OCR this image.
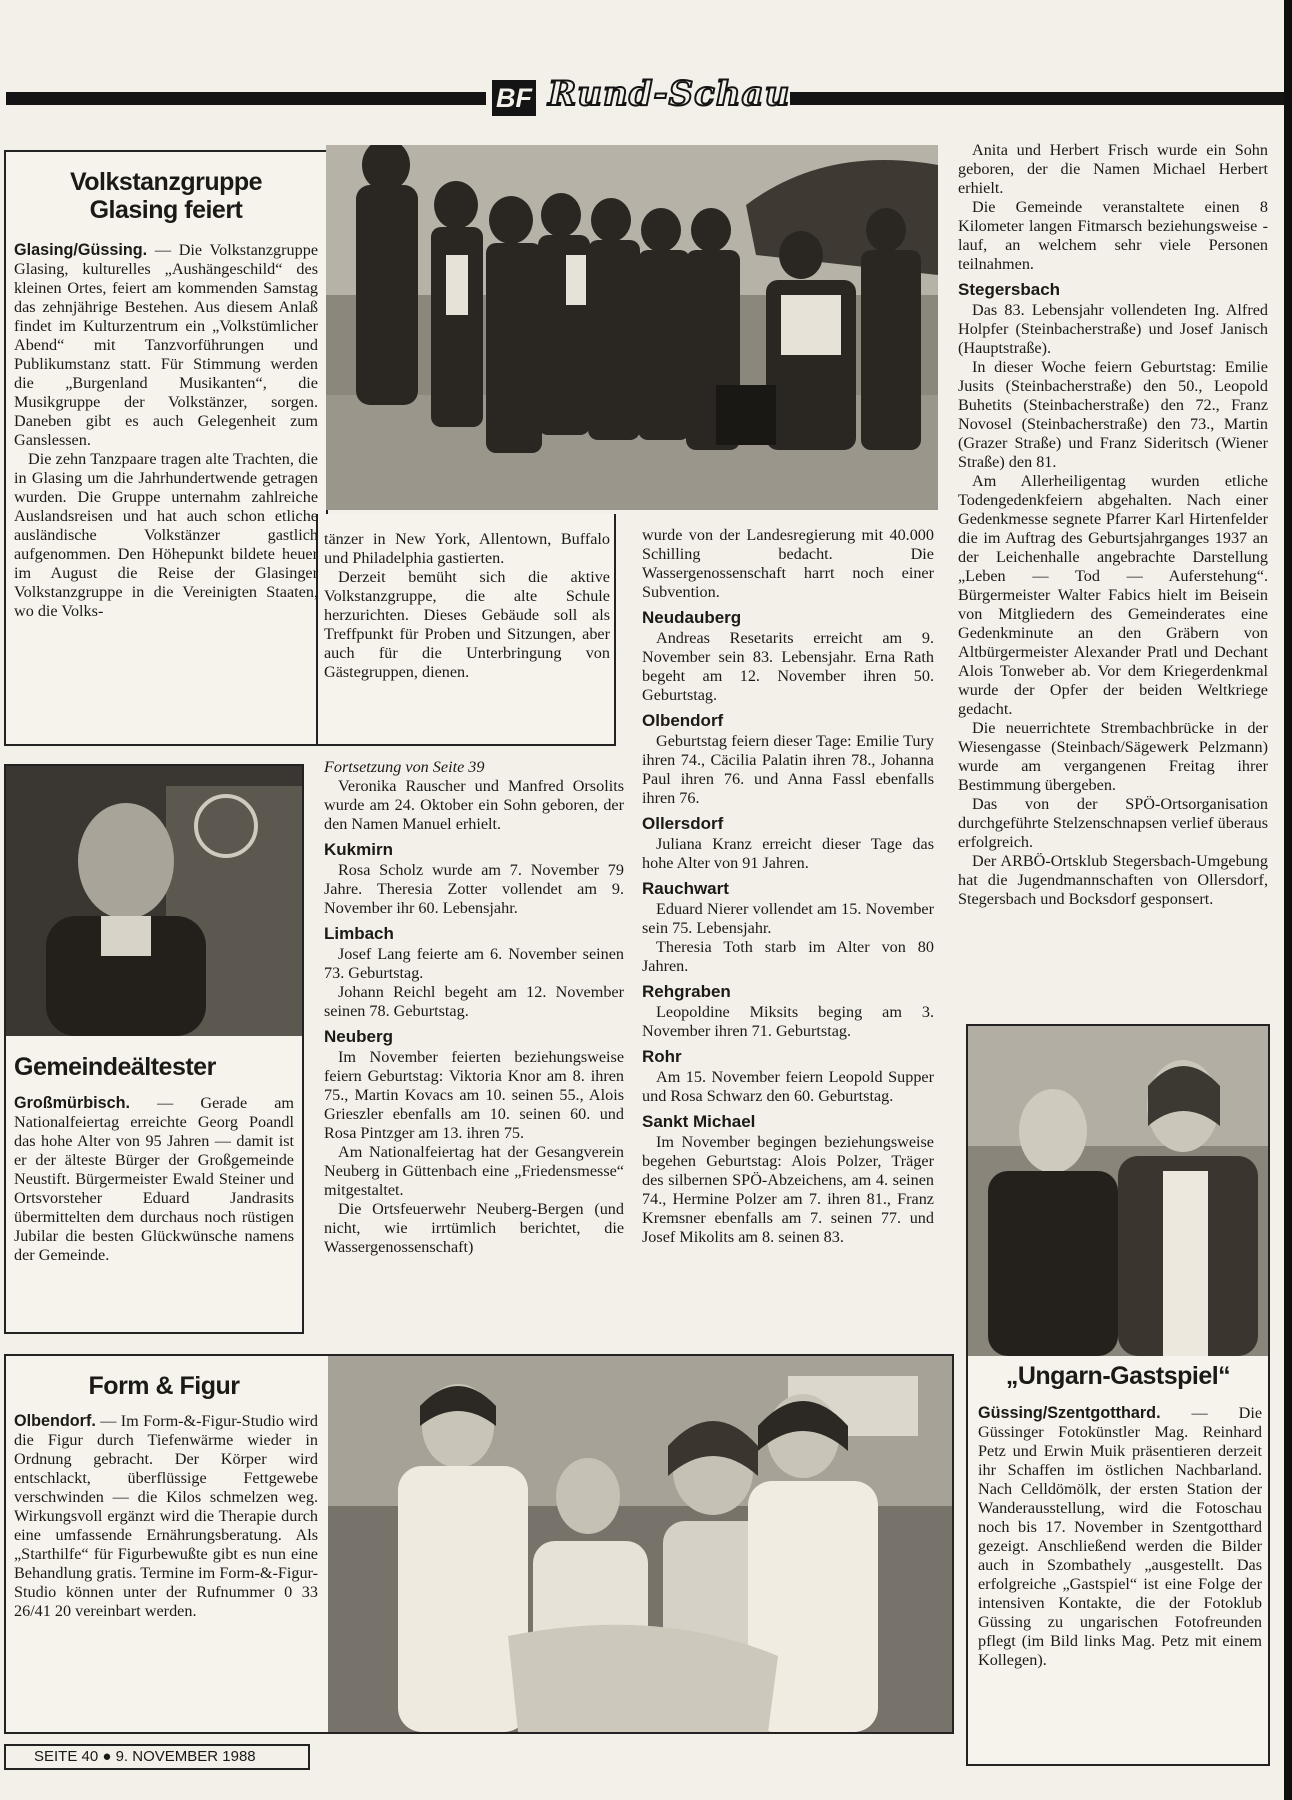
BF Rund-Schau
Volkstanzgruppe
Glasing feiert

Glasing/Güssing. — Die Volkstanzgruppe Glasing, kulturelles „Aushängeschild“ des kleinen Ortes, feiert am kommenden Samstag das zehnjährige Bestehen. Aus diesem Anlaß findet im Kulturzentrum ein „Volkstümlicher Abend“ mit Tanzvorführungen und Publikumstanz statt. Für Stimmung werden die „Burgenland Musikanten“, die Musikgruppe der Volkstänzer, sorgen. Daneben gibt es auch Gelegenheit zum Ganslessen.

Die zehn Tanzpaare tragen alte Trachten, die in Glasing um die Jahrhundertwende getragen wurden. Die Gruppe unternahm zahlreiche Auslandsreisen und hat auch schon etliche ausländische Volkstänzer gastlich aufgenommen. Den Höhepunkt bildete heuer im August die Reise der Glasinger Volkstanzgruppe in die Vereinigten Staaten, wo die Volks-

tänzer in New York, Allentown, Buffalo und Philadelphia gastierten.

Derzeit bemüht sich die aktive Volkstanzgruppe, die alte Schule herzurichten. Dieses Gebäude soll als Treffpunkt für Proben und Sitzungen, aber auch für die Unterbringung von Gästegruppen, dienen.

wurde von der Landesregierung mit 40.000 Schilling bedacht. Die Wassergenossenschaft harrt noch einer Subvention.

Neudauberg

Andreas Resetarits erreicht am 9. November sein 83. Lebensjahr. Erna Rath begeht am 12. November ihren 50. Geburtstag.

Olbendorf

Geburtstag feiern dieser Tage: Emilie Tury ihren 74., Cäcilia Palatin ihren 78., Johanna Paul ihren 76. und Anna Fassl ebenfalls ihren 76.

Ollersdorf

Juliana Kranz erreicht dieser Tage das hohe Alter von 91 Jahren.

Rauchwart

Eduard Nierer vollendet am 15. November sein 75. Lebensjahr.

Theresia Toth starb im Alter von 80 Jahren.

Rehgraben

Leopoldine Miksits beging am 3. November ihren 71. Geburtstag.

Rohr

Am 15. November feiern Leopold Supper und Rosa Schwarz den 60. Geburtstag.

Sankt Michael

Im November begingen beziehungsweise begehen Geburtstag: Alois Polzer, Träger des silbernen SPÖ-Abzeichens, am 4. seinen 74., Hermine Polzer am 7. ihren 81., Franz Kremsner ebenfalls am 7. seinen 77. und Josef Mikolits am 8. seinen 83.

Gemeindeältester

Großmürbisch. — Gerade am Nationalfeiertag erreichte Georg Poandl das hohe Alter von 95 Jahren — damit ist er der älteste Bürger der Großgemeinde Neustift. Bürgermeister Ewald Steiner und Ortsvorsteher Eduard Jandrasits übermittelten dem durchaus noch rüstigen Jubilar die besten Glückwünsche namens der Gemeinde.

Fortsetzung von Seite 39

Veronika Rauscher und Manfred Orsolits wurde am 24. Oktober ein Sohn geboren, der den Namen Manuel erhielt.

Kukmirn

Rosa Scholz wurde am 7. November 79 Jahre. Theresia Zotter vollendet am 9. November ihr 60. Lebensjahr.

Limbach

Josef Lang feierte am 6. November seinen 73. Geburtstag.

Johann Reichl begeht am 12. November seinen 78. Geburtstag.

Neuberg

Im November feierten beziehungsweise feiern Geburtstag: Viktoria Knor am 8. ihren 75., Martin Kovacs am 10. seinen 55., Alois Grieszler ebenfalls am 10. seinen 60. und Rosa Pintzger am 13. ihren 75.

Am Nationalfeiertag hat der Gesangverein Neuberg in Güttenbach eine „Friedensmesse“ mitgestaltet.

Die Ortsfeuerwehr Neuberg-Bergen (und nicht, wie irrtümlich berichtet, die Wassergenossenschaft)

Anita und Herbert Frisch wurde ein Sohn geboren, der die Namen Michael Herbert erhielt.

Die Gemeinde veranstaltete einen 8 Kilometer langen Fitmarsch beziehungsweise -lauf, an welchem sehr viele Personen teilnahmen.

Stegersbach

Das 83. Lebensjahr vollendeten Ing. Alfred Holpfer (Steinbacherstraße) und Josef Janisch (Hauptstraße).

In dieser Woche feiern Geburtstag: Emilie Jusits (Steinbacherstraße) den 50., Leopold Buhetits (Steinbacherstraße) den 72., Franz Novosel (Steinbacherstraße) den 73., Martin (Grazer Straße) und Franz Sideritsch (Wiener Straße) den 81.

Am Allerheiligentag wurden etliche Todengedenkfeiern abgehalten. Nach einer Gedenkmesse segnete Pfarrer Karl Hirtenfelder die im Auftrag des Geburtsjahrganges 1937 an der Leichenhalle angebrachte Darstellung „Leben — Tod — Auferstehung“. Bürgermeister Walter Fabics hielt im Beisein von Mitgliedern des Gemeinderates eine Gedenkminute an den Gräbern von Altbürgermeister Alexander Pratl und Dechant Alois Tonweber ab. Vor dem Kriegerdenkmal wurde der Opfer der beiden Weltkriege gedacht.

Die neuerrichtete Strembachbrücke in der Wiesengasse (Steinbach/Sägewerk Pelzmann) wurde am vergangenen Freitag ihrer Bestimmung übergeben.

Das von der SPÖ-Ortsorganisation durchgeführte Stelzenschnapsen verlief überaus erfolgreich.

Der ARBÖ-Ortsklub Stegersbach-Umgebung hat die Jugendmannschaften von Ollersdorf, Stegersbach und Bocksdorf gesponsert.

„Ungarn-Gastspiel“

Güssing/Szentgotthard. — Die Güssinger Fotokünstler Mag. Reinhard Petz und Erwin Muik präsentieren derzeit ihr Schaffen im östlichen Nachbarland. Nach Celldömölk, der ersten Station der Wanderausstellung, wird die Fotoschau noch bis 17. November in Szentgotthard gezeigt. Anschließend werden die Bilder auch in Szombathely „ausgestellt. Das erfolgreiche „Gastspiel“ ist eine Folge der intensiven Kontakte, die der Fotoklub Güssing zu ungarischen Fotofreunden pflegt (im Bild links Mag. Petz mit einem Kollegen).

Form & Figur

Olbendorf. — Im Form-&-Figur-Studio wird die Figur durch Tiefenwärme wieder in Ordnung gebracht. Der Körper wird entschlackt, überflüssige Fettgewebe verschwinden — die Kilos schmelzen weg. Wirkungsvoll ergänzt wird die Therapie durch eine umfassende Ernährungsberatung. Als „Starthilfe“ für Figurbewußte gibt es nun eine Behandlung gratis. Termine im Form-&-Figur-Studio können unter der Rufnummer 0 33 26/41 20 vereinbart werden.

SEITE 40 ● 9. NOVEMBER 1988
